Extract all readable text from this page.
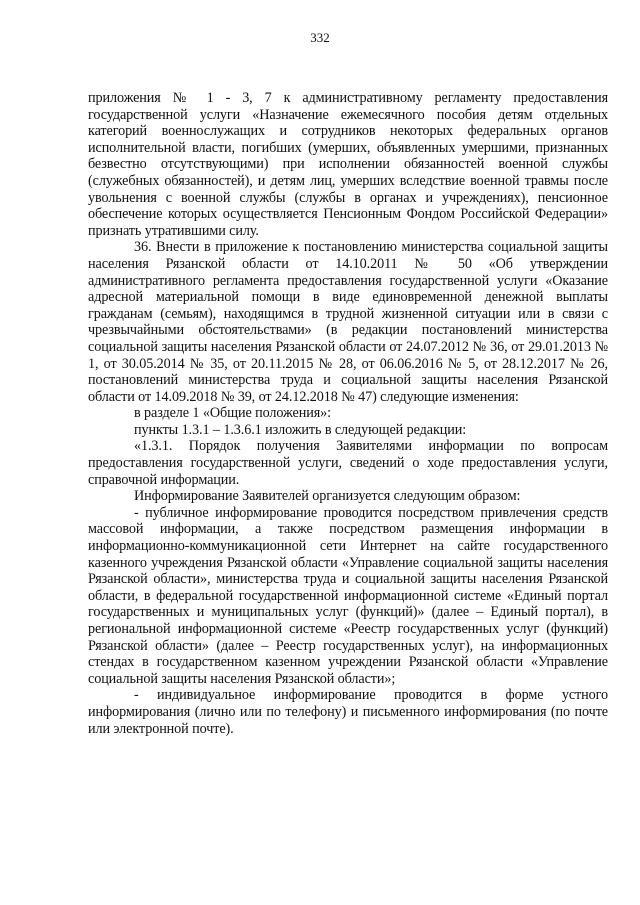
332

приложения № 1 - 3, 7 к административному регламенту предоставления государственной услуги «Назначение ежемесячного пособия детям отдельных категорий военнослужащих и сотрудников некоторых федеральных органов исполнительной власти, погибших (умерших, объявленных умершими, признанных безвестно отсутствующими) при исполнении обязанностей военной службы (служебных обязанностей), и детям лиц, умерших вследствие военной травмы после увольнения с военной службы (службы в органах и учреждениях), пенсионное обеспечение которых осуществляется Пенсионным Фондом Российской Федерации» признать утратившими силу.

36. Внести в приложение к постановлению министерства социальной защиты населения Рязанской области от 14.10.2011 № 50 «Об утверждении административного регламента предоставления государственной услуги «Оказание адресной материальной помощи в виде единовременной денежной выплаты гражданам (семьям), находящимся в трудной жизненной ситуации или в связи с чрезвычайными обстоятельствами» (в редакции постановлений министерства социальной защиты населения Рязанской области от 24.07.2012 № 36, от 29.01.2013 № 1, от 30.05.2014 № 35, от 20.11.2015 № 28, от 06.06.2016 № 5, от 28.12.2017 № 26, постановлений министерства труда и социальной защиты населения Рязанской области от 14.09.2018 № 39, от 24.12.2018 № 47) следующие изменения:

в разделе 1 «Общие положения»:

пункты 1.3.1 – 1.3.6.1 изложить в следующей редакции:

«1.3.1. Порядок получения Заявителями информации по вопросам предоставления государственной услуги, сведений о ходе предоставления услуги, справочной информации.

Информирование Заявителей организуется следующим образом:

- публичное информирование проводится посредством привлечения средств массовой информации, а также посредством размещения информации в информационно-коммуникационной сети Интернет на сайте государственного казенного учреждения Рязанской области «Управление социальной защиты населения Рязанской области», министерства труда и социальной защиты населения Рязанской области, в федеральной государственной информационной системе «Единый портал государственных и муниципальных услуг (функций)» (далее – Единый портал), в региональной информационной системе «Реестр государственных услуг (функций) Рязанской области» (далее – Реестр государственных услуг), на информационных стендах в государственном казенном учреждении Рязанской области «Управление социальной защиты населения Рязанской области»;

- индивидуальное информирование проводится в форме устного информирования (лично или по телефону) и письменного информирования (по почте или электронной почте).
